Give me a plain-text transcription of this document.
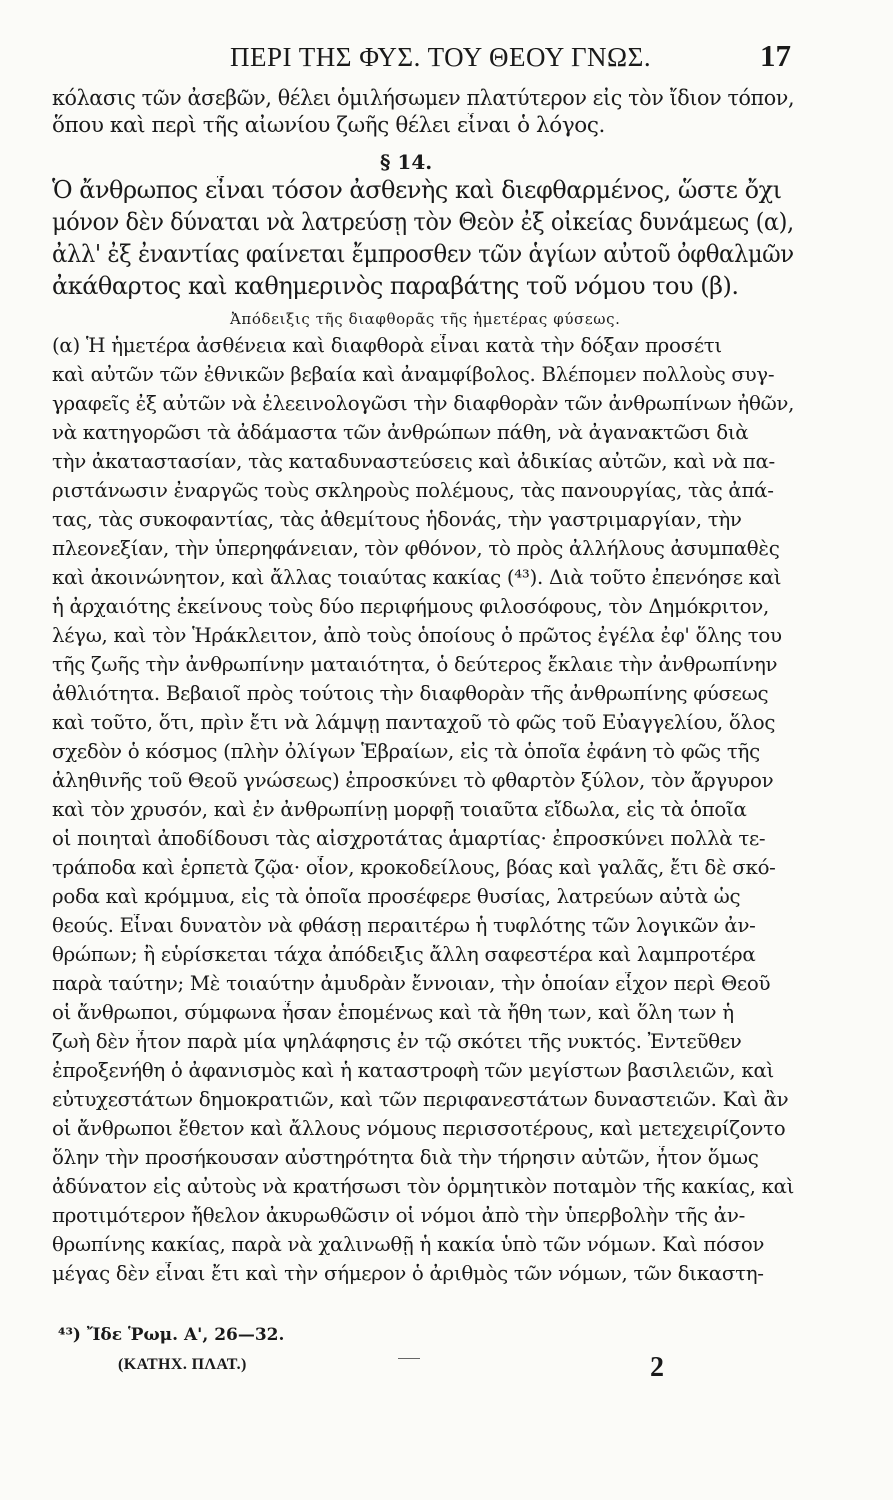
ΠΕΡΙ ΤΗΣ ΦΥΣ. ΤΟΥ ΘΕΟΥ ΓΝΩΣ.	17
κόλασις τῶν ἀσεβῶν, θέλει ὁμιλήσωμεν πλατύτερον εἰς τὸν ἴδιον τόπον,
ὅπου καὶ περὶ τῆς αἰωνίου ζωῆς θέλει εἶναι ὁ λόγος.
§ 14.
Ὁ ἄνθρωπος εἶναι τόσον ἀσθενὴς καὶ διεφθαρμένος, ὥστε ὄχι
μόνον δὲν δύναται νὰ λατρεύσῃ τὸν Θεὸν ἐξ οἰκείας δυνάμεως (α),
ἀλλ' ἐξ ἐναντίας φαίνεται ἔμπροσθεν τῶν ἁγίων αὐτοῦ ὀφθαλμῶν
ἀκάθαρτος καὶ καθημερινὸς παραβάτης τοῦ νόμου του (β).
Ἀπόδειξις τῆς διαφθορᾶς τῆς ἡμετέρας φύσεως.
(α) Ἡ ἡμετέρα ἀσθένεια καὶ διαφθορὰ εἶναι κατὰ τὴν δόξαν προσέτι
καὶ αὐτῶν τῶν ἐθνικῶν βεβαία καὶ ἀναμφίβολος. Βλέπομεν πολλοὺς συγ-
γραφεῖς ἐξ αὐτῶν νὰ ἐλεεινολογῶσι τὴν διαφθορὰν τῶν ἀνθρωπίνων ἠθῶν,
νὰ κατηγορῶσι τὰ ἀδάμαστα τῶν ἀνθρώπων πάθη, νὰ ἀγανακτῶσι διὰ
τὴν ἀκαταστασίαν, τὰς καταδυναστεύσεις καὶ ἀδικίας αὐτῶν, καὶ νὰ πα-
ριστάνωσιν ἐναργῶς τοὺς σκληροὺς πολέμους, τὰς πανουργίας, τὰς ἀπά-
τας, τὰς συκοφαντίας, τὰς ἀθεμίτους ἡδονάς, τὴν γαστριμαργίαν, τὴν
πλεονεξίαν, τὴν ὑπερηφάνειαν, τὸν φθόνον, τὸ πρὸς ἀλλήλους ἀσυμπαθὲς
καὶ ἀκοινώνητον, καὶ ἄλλας τοιαύτας κακίας (⁴³). Διὰ τοῦτο ἐπενόησε καὶ
ἡ ἀρχαιότης ἐκείνους τοὺς δύο περιφήμους φιλοσόφους, τὸν Δημόκριτον,
λέγω, καὶ τὸν Ἡράκλειτον, ἀπὸ τοὺς ὁποίους ὁ πρῶτος ἐγέλα ἐφ' ὅλης του
τῆς ζωῆς τὴν ἀνθρωπίνην ματαιότητα, ὁ δεύτερος ἔκλαιε τὴν ἀνθρωπίνην
ἀθλιότητα. Βεβαιοῖ πρὸς τούτοις τὴν διαφθορὰν τῆς ἀνθρωπίνης φύσεως
καὶ τοῦτο, ὅτι, πρὶν ἔτι νὰ λάμψῃ πανταχοῦ τὸ φῶς τοῦ Εὐαγγελίου, ὅλος
σχεδὸν ὁ κόσμος (πλὴν ὀλίγων Ἑβραίων, εἰς τὰ ὁποῖα ἐφάνη τὸ φῶς τῆς
ἀληθινῆς τοῦ Θεοῦ γνώσεως) ἐπροσκύνει τὸ φθαρτὸν ξύλον, τὸν ἄργυρον
καὶ τὸν χρυσόν, καὶ ἐν ἀνθρωπίνῃ μορφῇ τοιαῦτα εἴδωλα, εἰς τὰ ὁποῖα
οἱ ποιηταὶ ἀποδίδουσι τὰς αἰσχροτάτας ἁμαρτίας· ἐπροσκύνει πολλὰ τε-
τράποδα καὶ ἑρπετὰ ζῷα· οἷον, κροκοδείλους, βόας καὶ γαλᾶς, ἔτι δὲ σκό-
ροδα καὶ κρόμμυα, εἰς τὰ ὁποῖα προσέφερε θυσίας, λατρεύων αὐτὰ ὡς
θεούς. Εἶναι δυνατὸν νὰ φθάσῃ περαιτέρω ἡ τυφλότης τῶν λογικῶν ἀν-
θρώπων; ἢ εὑρίσκεται τάχα ἀπόδειξις ἄλλη σαφεστέρα καὶ λαμπροτέρα
παρὰ ταύτην; Μὲ τοιαύτην ἀμυδρὰν ἔννοιαν, τὴν ὁποίαν εἶχον περὶ Θεοῦ
οἱ ἄνθρωποι, σύμφωνα ἦσαν ἑπομένως καὶ τὰ ἤθη των, καὶ ὅλη των ἡ
ζωὴ δὲν ἦτον παρὰ μία ψηλάφησις ἐν τῷ σκότει τῆς νυκτός. Ἐντεῦθεν
ἐπροξενήθη ὁ ἀφανισμὸς καὶ ἡ καταστροφὴ τῶν μεγίστων βασιλειῶν, καὶ
εὐτυχεστάτων δημοκρατιῶν, καὶ τῶν περιφανεστάτων δυναστειῶν. Καὶ ἂν
οἱ ἄνθρωποι ἔθετον καὶ ἄλλους νόμους περισσοτέρους, καὶ μετεχειρίζοντο
ὅλην τὴν προσήκουσαν αὐστηρότητα διὰ τὴν τήρησιν αὐτῶν, ἦτον ὅμως
ἀδύνατον εἰς αὐτοὺς νὰ κρατήσωσι τὸν ὁρμητικὸν ποταμὸν τῆς κακίας, καὶ
προτιμότερον ἤθελον ἀκυρωθῶσιν οἱ νόμοι ἀπὸ τὴν ὑπερβολὴν τῆς ἀν-
θρωπίνης κακίας, παρὰ νὰ χαλινωθῇ ἡ κακία ὑπὸ τῶν νόμων. Καὶ πόσον
μέγας δὲν εἶναι ἔτι καὶ τὴν σήμερον ὁ ἀριθμὸς τῶν νόμων, τῶν δικαστη-
⁴³) Ἴδε Ῥωμ. Α', 26—32.
(ΚΑΤΗΧ. ΠΛΑΤ.)	2
